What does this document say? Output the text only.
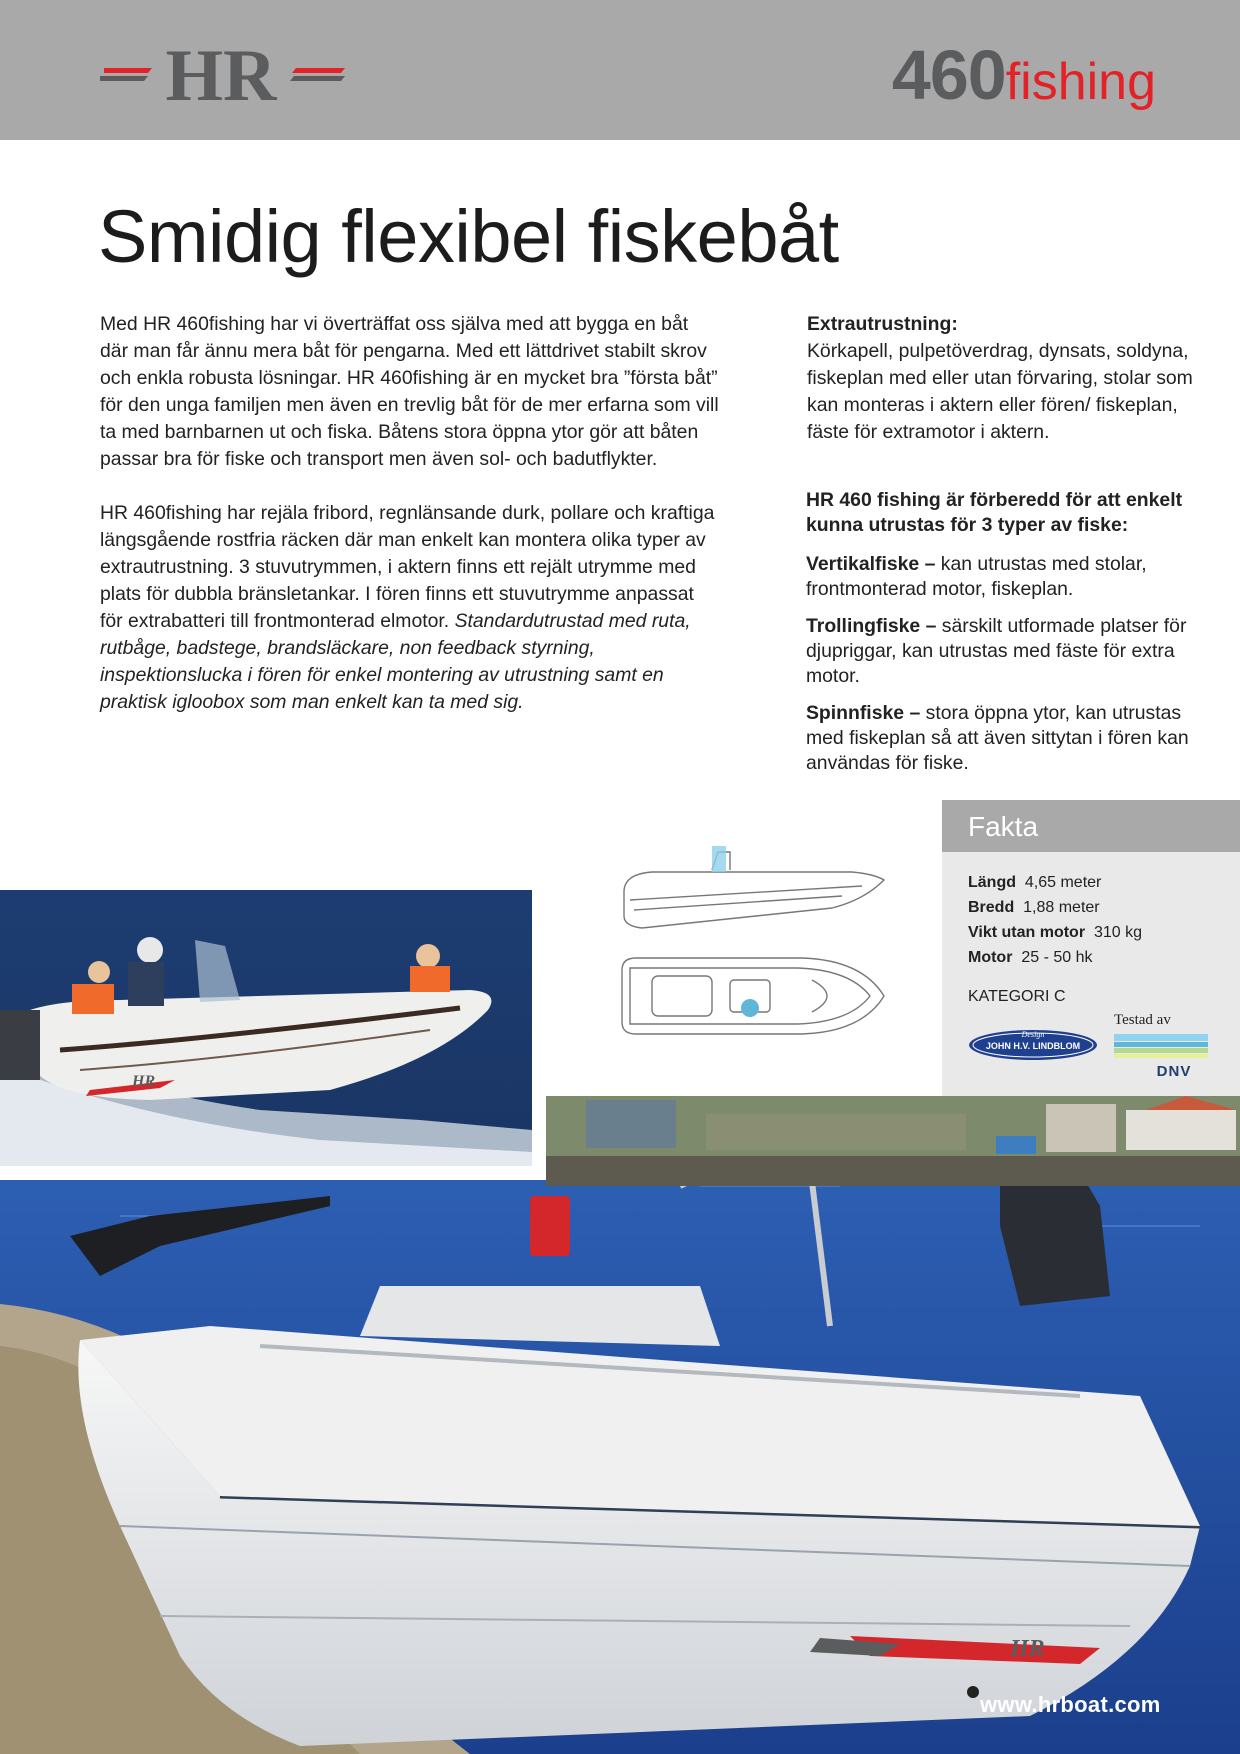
HR	460fishing
Smidig flexibel fiskebåt

Med HR 460fishing har vi överträffat oss själva med att bygga en båt där man får ännu mera båt för pengarna. Med ett lättdrivet stabilt skrov och enkla robusta lösningar. HR 460fishing är en mycket bra ”första båt” för den unga familjen men även en trevlig båt för de mer erfarna som vill ta med barnbarnen ut och fiska. Båtens stora öppna ytor gör att båten passar bra för fiske och transport men även sol- och badutflykter.

HR 460fishing har rejäla fribord, regnlänsande durk, pollare och kraftiga längsgående rostfria räcken där man enkelt kan montera olika typer av extrautrustning. 3 stuvutrymmen, i aktern finns ett rejält utrymme med plats för dubbla bränsletankar. I fören finns ett stuvutrymme anpassat för extrabatteri till frontmonterad elmotor. Standardutrustad med ruta, rutbåge, badstege, brandsläckare, non feedback styrning, inspektionslucka i fören för enkel montering av utrustning samt en praktisk igloobox som man enkelt kan ta med sig.

Extrautrustning:
Körkapell, pulpetöverdrag, dynsats, soldyna, fiskeplan med eller utan förvaring, stolar som kan monteras i aktern eller fören/ fiskeplan, fäste för extramotor i aktern.

HR 460 fishing är förberedd för att enkelt kunna utrustas för 3 typer av fiske:

Vertikalfiske – kan utrustas med stolar, frontmonterad motor, fiskeplan.

Trollingfiske – särskilt utformade platser för djupriggar, kan utrustas med fäste för extra motor.

Spinnfiske – stora öppna ytor, kan utrustas med fiskeplan så att även sittytan i fören kan användas för fiske.

Fakta
Längd 4,65 meter
Bredd 1,88 meter
Vikt utan motor 310 kg
Motor 25 - 50 hk
KATEGORI C
Design
JOHN H.V. LINDBLOM
Testad av
DNV
HR
HR
www.hrboat.com
